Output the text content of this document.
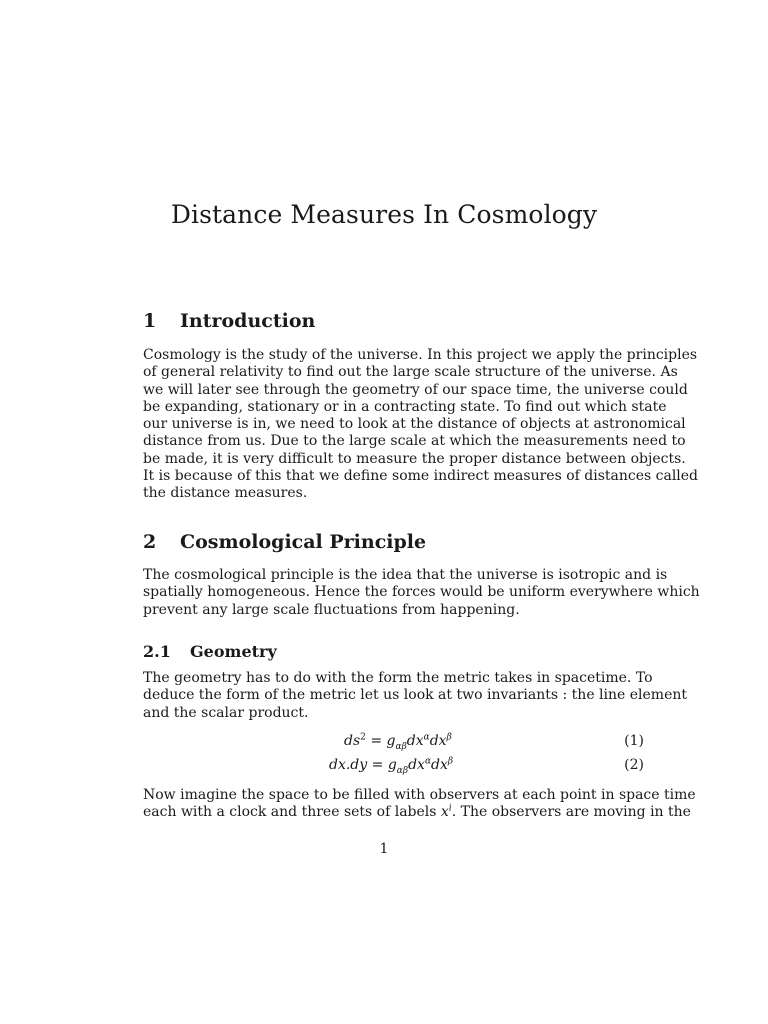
Distance Measures In Cosmology
1 Introduction
Cosmology is the study of the universe. In this project we apply the principles
of general relativity to find out the large scale structure of the universe. As
we will later see through the geometry of our space time, the universe could
be expanding, stationary or in a contracting state. To find out which state
our universe is in, we need to look at the distance of objects at astronomical
distance from us. Due to the large scale at which the measurements need to
be made, it is very difficult to measure the proper distance between objects.
It is because of this that we define some indirect measures of distances called
the distance measures.
2 Cosmological Principle
The cosmological principle is the idea that the universe is isotropic and is
spatially homogeneous. Hence the forces would be uniform everywhere which
prevent any large scale fluctuations from happening.
2.1 Geometry
The geometry has to do with the form the metric takes in spacetime. To
deduce the form of the metric let us look at two invariants : the line element
and the scalar product.
$ds^2 = g_{\alpha\beta}dx^\alpha dx^\beta$	(1)
$dx.dy = g_{\alpha\beta}dx^\alpha dx^\beta$	(2)
Now imagine the space to be filled with observers at each point in space time
each with a clock and three sets of labels $x^i$. The observers are moving in the
1
